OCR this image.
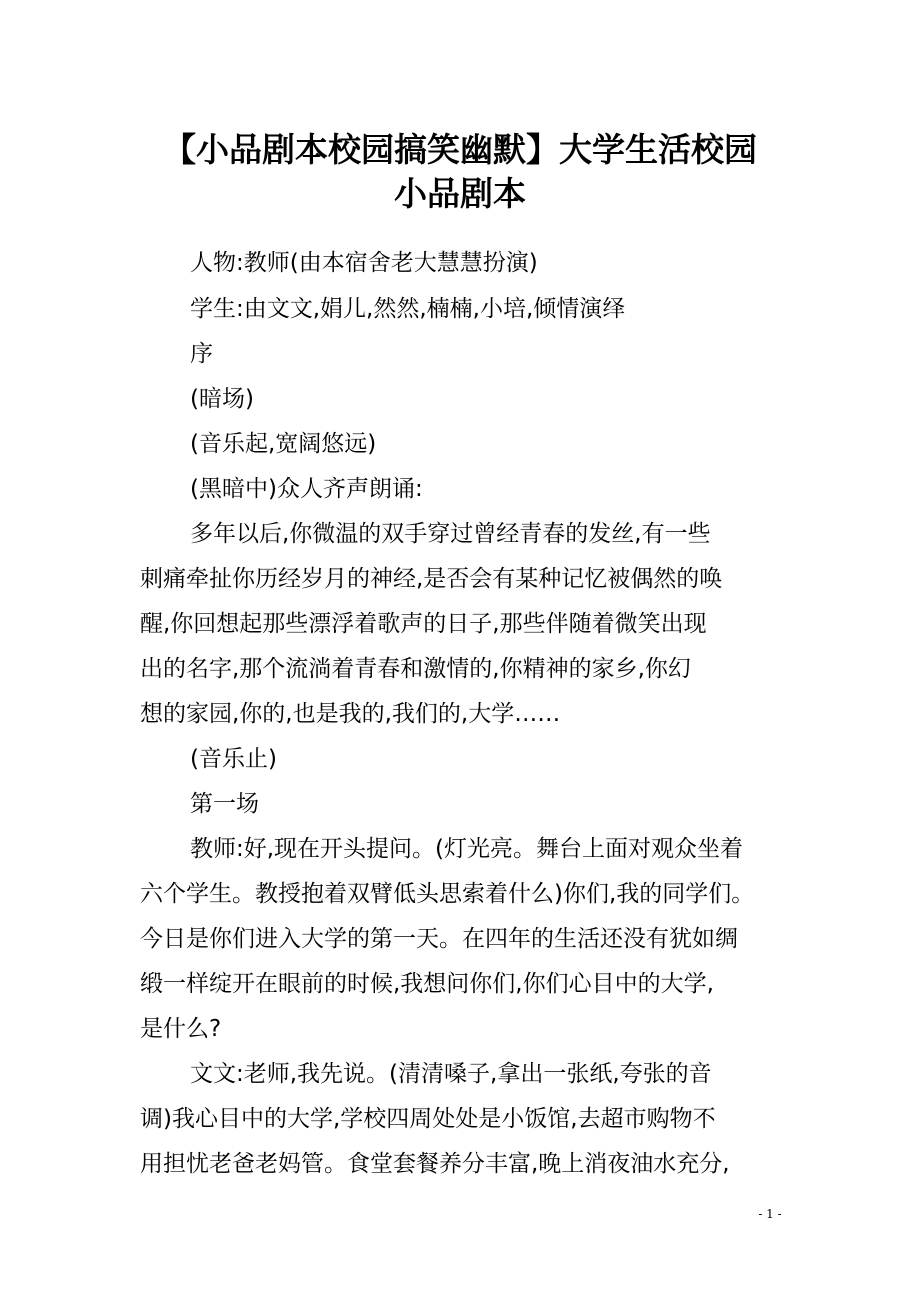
【小品剧本校园搞笑幽默】大学生活校园
小品剧本

人物:教师(由本宿舍老大慧慧扮演)

学生:由文文,娟儿,然然,楠楠,小培,倾情演绎

序

(暗场)

(音乐起,宽阔悠远)

(黑暗中)众人齐声朗诵:

多年以后,你微温的双手穿过曾经青春的发丝,有一些

刺痛牵扯你历经岁月的神经,是否会有某种记忆被偶然的唤

醒,你回想起那些漂浮着歌声的日子,那些伴随着微笑出现

出的名字,那个流淌着青春和激情的,你精神的家乡,你幻

想的家园,你的,也是我的,我们的,大学……

(音乐止)

第一场

教师:好,现在开头提问。(灯光亮。舞台上面对观众坐着

六个学生。教授抱着双臂低头思索着什么)你们,我的同学们。

今日是你们进入大学的第一天。在四年的生活还没有犹如绸

缎一样绽开在眼前的时候,我想问你们,你们心目中的大学,

是什么?

文文:老师,我先说。(清清嗓子,拿出一张纸,夸张的音

调)我心目中的大学,学校四周处处是小饭馆,去超市购物不

用担忧老爸老妈管。食堂套餐养分丰富,晚上消夜油水充分,

- 1 -
